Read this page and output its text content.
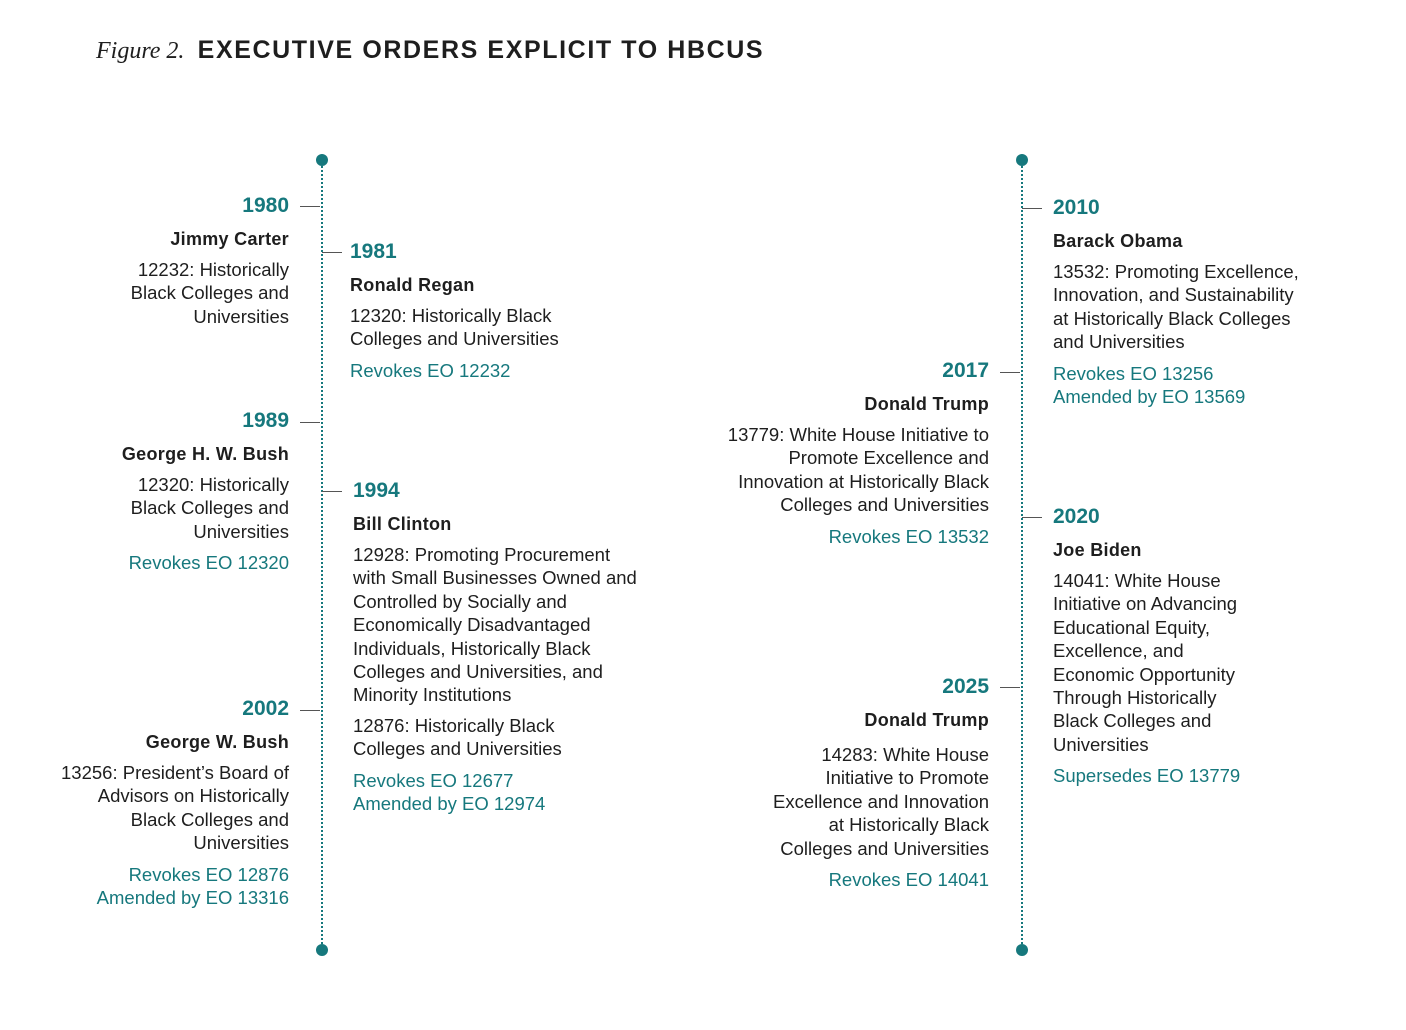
Figure 2. EXECUTIVE ORDERS EXPLICIT TO HBCUS
1980
Jimmy Carter
12232: Historically Black Colleges and Universities
1981
Ronald Regan
12320: Historically Black Colleges and Universities
Revokes EO 12232
1989
George H. W. Bush
12320: Historically Black Colleges and Universities
Revokes EO 12320
1994
Bill Clinton
12928: Promoting Procurement with Small Businesses Owned and Controlled by Socially and Economically Disadvantaged Individuals, Historically Black Colleges and Universities, and Minority Institutions
12876: Historically Black Colleges and Universities
Revokes EO 12677
Amended by EO 12974
2002
George W. Bush
13256: President’s Board of Advisors on Historically Black Colleges and Universities
Revokes EO 12876
Amended by EO 13316
2010
Barack Obama
13532: Promoting Excellence, Innovation, and Sustainability at Historically Black Colleges and Universities
Revokes EO 13256
Amended by EO 13569
2017
Donald Trump
13779: White House Initiative to Promote Excellence and Innovation at Historically Black Colleges and Universities
Revokes EO 13532
2020
Joe Biden
14041: White House Initiative on Advancing Educational Equity, Excellence, and Economic Opportunity Through Historically Black Colleges and Universities
Supersedes EO 13779
2025
Donald Trump
14283: White House Initiative to Promote Excellence and Innovation at Historically Black Colleges and Universities
Revokes EO 14041
